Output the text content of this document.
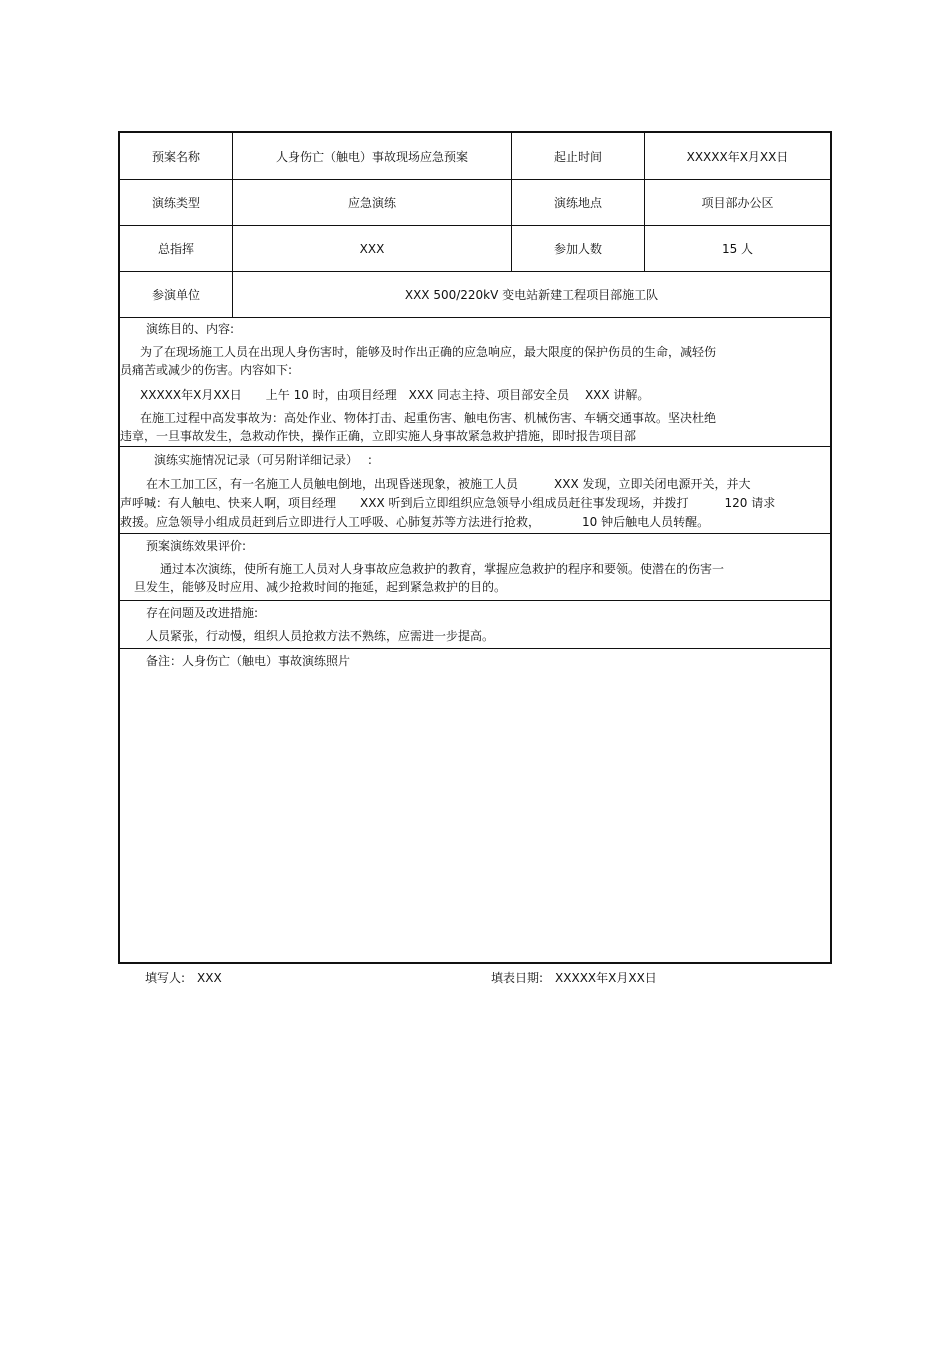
预案名称	人身伤亡（触电）事故现场应急预案	起止时间	XXXXX年X月XX日
演练类型	应急演练	演练地点	项目部办公区
总指挥	XXX	参加人数	15 人
参演单位	XXX 500/220kV 变电站新建工程项目部施工队
演练目的、内容:
为了在现场施工人员在出现人身伤害时，能够及时作出正确的应急响应，最大限度的保护伤员的生命，减轻伤
员痛苦或减少的伤害。内容如下:
XXXXX年X月XX日　　上午 10 时，由项目经理　XXX 同志主持、项目部安全员　 XXX 讲解。
在施工过程中高发事故为：高处作业、物体打击、起重伤害、触电伤害、机械伤害、车辆交通事故。坚决杜绝
违章，一旦事故发生，急救动作快，操作正确，立即实施人身事故紧急救护措施，即时报告项目部
演练实施情况记录（可另附详细记录）　 :
在木工加工区，有一名施工人员触电倒地，出现昏迷现象，被施工人员　　　XXX 发现，立即关闭电源开关，并大
声呼喊：有人触电、快来人啊，项目经理　　XXX 听到后立即组织应急领导小组成员赶往事发现场，并拨打　　　120 请求
救援。应急领导小组成员赶到后立即进行人工呼吸、心肺复苏等方法进行抢救，　　　　10 钟后触电人员转醒。
预案演练效果评价:
通过本次演练，使所有施工人员对人身事故应急救护的教育，掌握应急救护的程序和要领。使潜在的伤害一
旦发生，能够及时应用、减少抢救时间的拖延，起到紧急救护的目的。
存在问题及改进措施:
人员紧张，行动慢，组织人员抢救方法不熟练，应需进一步提高。
备注：人身伤亡（触电）事故演练照片
填写人:　XXX	填表日期:　XXXXX年X月XX日
